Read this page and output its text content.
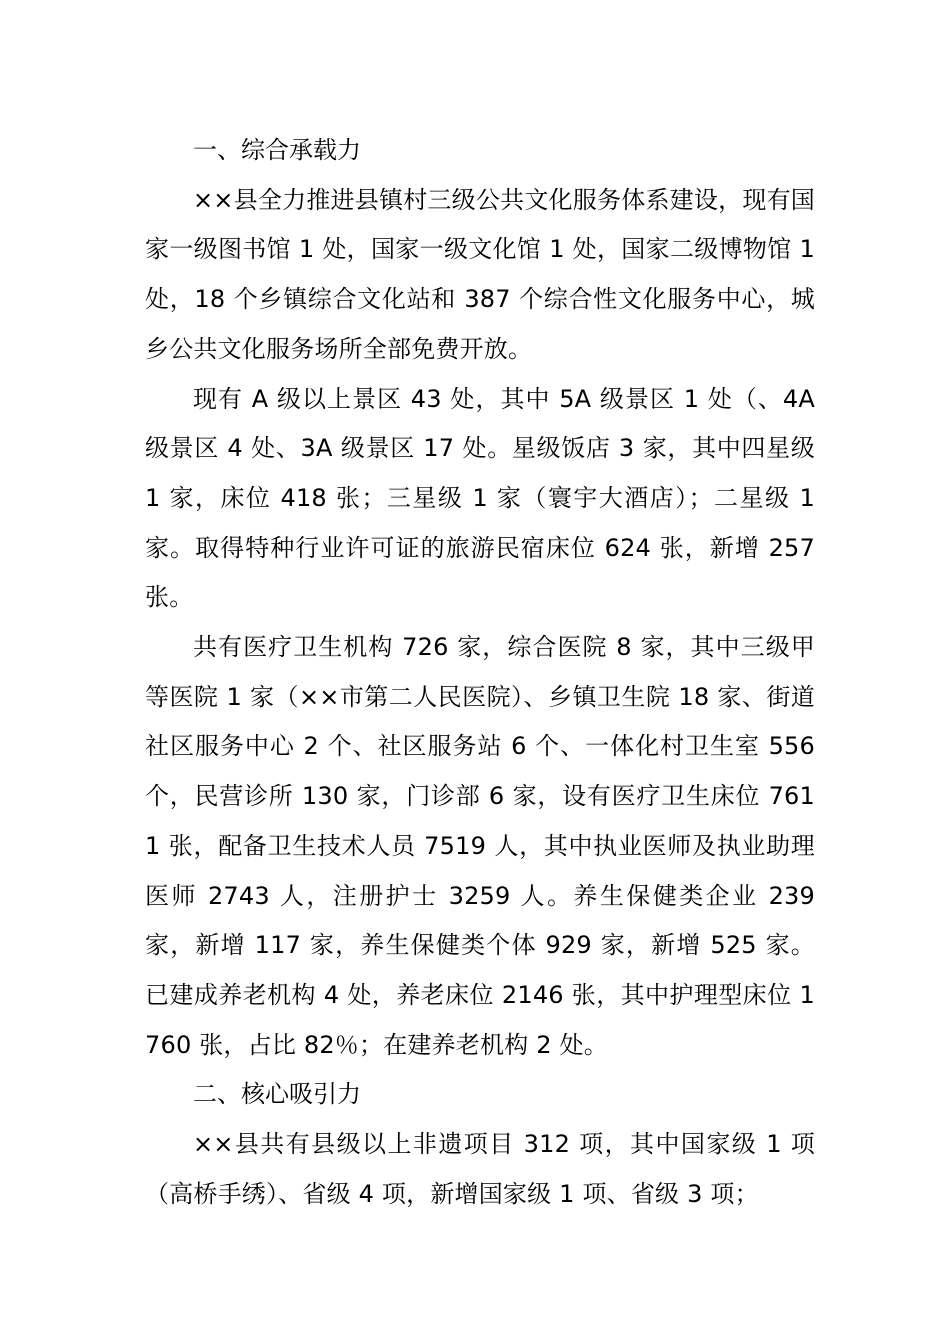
一、综合承载力

××县全力推进县镇村三级公共文化服务体系建设，现有国家一级图书馆 1 处，国家一级文化馆 1 处，国家二级博物馆 1 处，18 个乡镇综合文化站和 387 个综合性文化服务中心，城乡公共文化服务场所全部免费开放。

现有 A 级以上景区 43 处，其中 5A 级景区 1 处（、4A 级景区 4 处、3A 级景区 17 处。星级饭店 3 家，其中四星级 1 家，床位 418 张；三星级 1 家（寰宇大酒店）；二星级 1 家。取得特种行业许可证的旅游民宿床位 624 张，新增 257 张。

共有医疗卫生机构 726 家，综合医院 8 家，其中三级甲等医院 1 家（××市第二人民医院）、乡镇卫生院 18 家、街道社区服务中心 2 个、社区服务站 6 个、一体化村卫生室 556 个，民营诊所 130 家，门诊部 6 家，设有医疗卫生床位 7611 张，配备卫生技术人员 7519 人，其中执业医师及执业助理医师 2743 人，注册护士 3259 人。养生保健类企业 239 家，新增 117 家，养生保健类个体 929 家，新增 525 家。已建成养老机构 4 处，养老床位 2146 张，其中护理型床位 1760 张，占比 82％；在建养老机构 2 处。

二、核心吸引力

××县共有县级以上非遗项目 312 项，其中国家级 1 项（高桥手绣）、省级 4 项，新增国家级 1 项、省级 3 项；
